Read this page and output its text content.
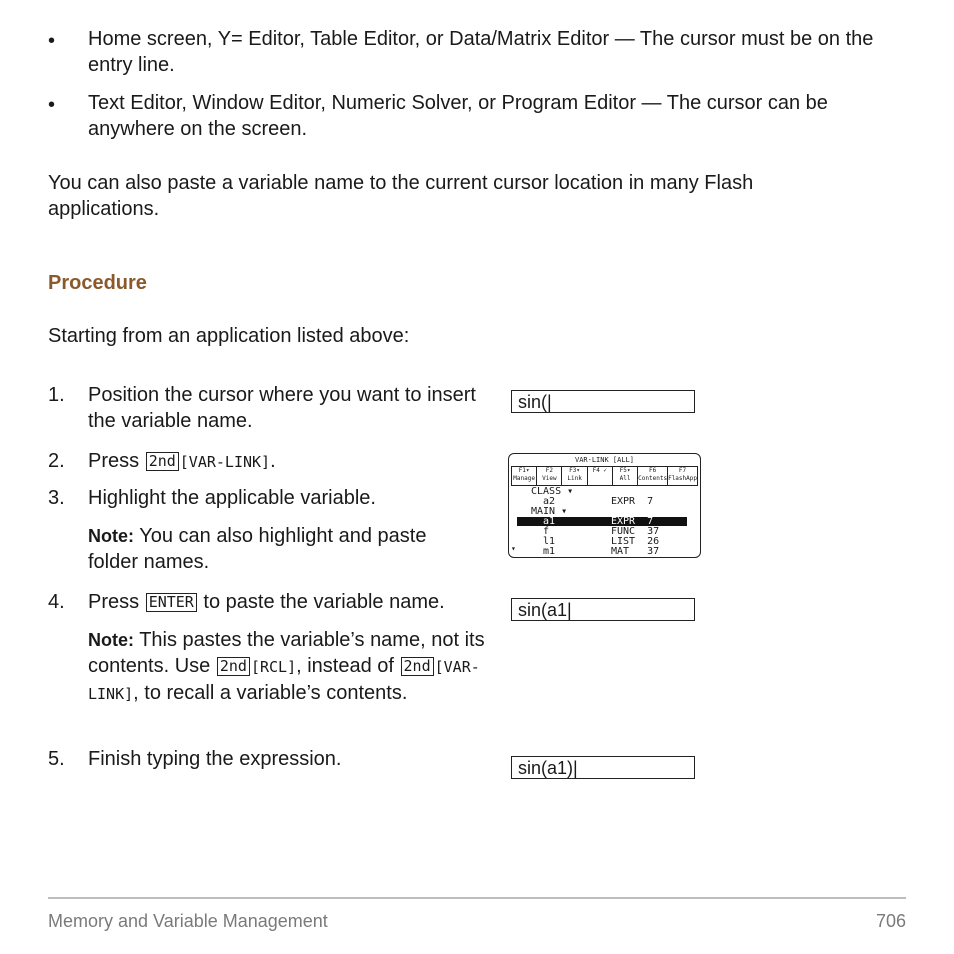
• Home screen, Y= Editor, Table Editor, or Data/Matrix Editor — The cursor must be on the entry line.
• Text Editor, Window Editor, Numeric Solver, or Program Editor — The cursor can be anywhere on the screen.
You can also paste a variable name to the current cursor location in many Flash applications.
Procedure
Starting from an application listed above:
1. Position the cursor where you want to insert the variable name.
2. Press 2nd [VAR-LINK].
3. Highlight the applicable variable.
Note: You can also highlight and paste folder names.
4. Press ENTER to paste the variable name.
Note: This pastes the variable’s name, not its contents. Use 2nd [RCL], instead of 2nd [VAR-LINK], to recall a variable’s contents.
5. Finish typing the expression.
sin(|
sin(a1|
sin(a1)|
VAR-LINK [ALL]
F1▾ Manage
F2 View
F3▾ Link
F4 ✓	F5▾ All
F6 Contents
F7 FlashApp
CLASS ▾
a2	EXPR  7
MAIN ▾
a1	EXPR  7
f	FUNC  37
l1	LIST  26
m1	MAT   37
▾
Memory and Variable Management	706
